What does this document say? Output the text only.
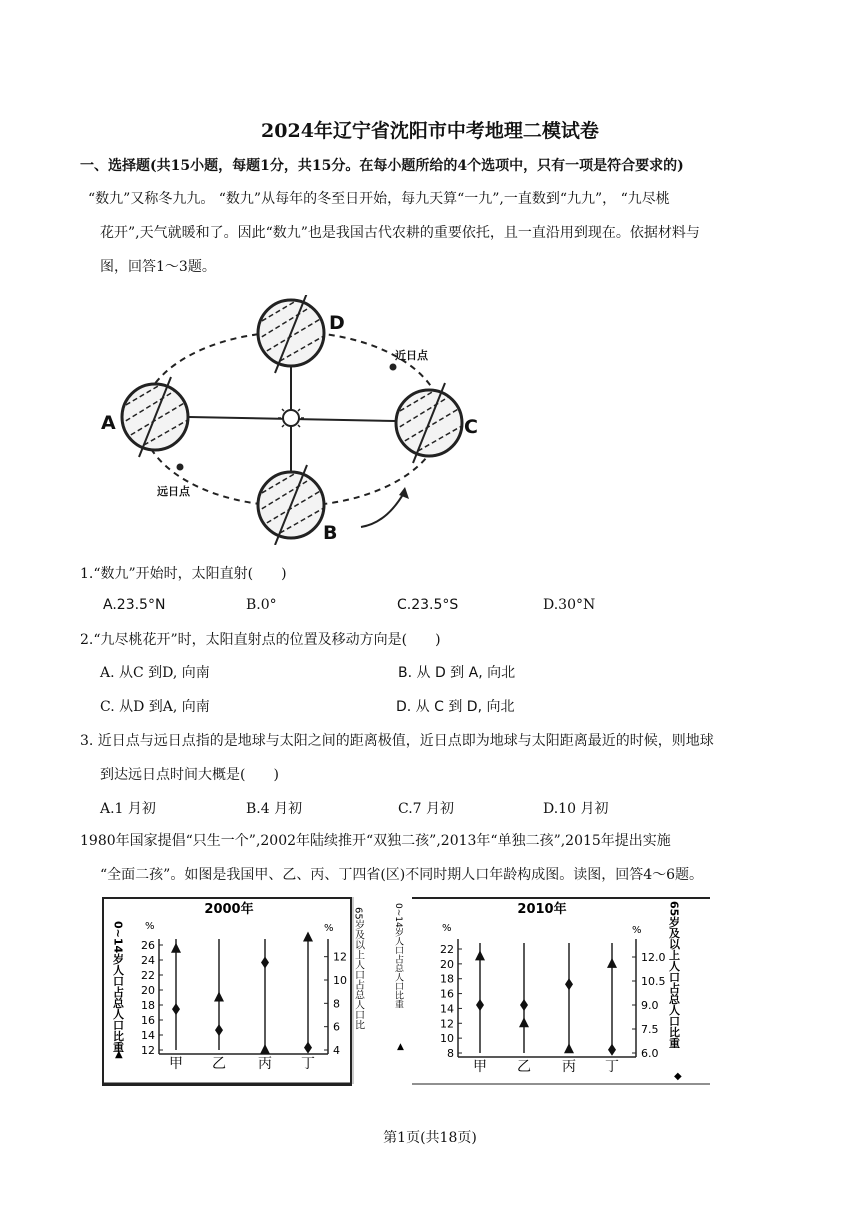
2024年辽宁省沈阳市中考地理二模试卷
一、选择题(共15小题，每题1分，共15分。在每小题所给的4个选项中，只有一项是符合要求的)
“数九”又称冬九九。 “数九”从每年的冬至日开始，每九天算“一九”,一直数到“九九”， “九尽桃
花开”,天气就暖和了。因此“数九”也是我国古代农耕的重要依托，且一直沿用到现在。依据材料与
图，回答1～3题。
D
A	C
B
近日点
远日点
1.“数九”开始时，太阳直射(　　)
A.23.5°N	B.0°	C.23.5°S	D.30°N
2.“九尽桃花开”时，太阳直射点的位置及移动方向是(　　)
A. 从C 到D, 向南	B. 从 D 到 A, 向北
C. 从D 到A, 向南	D. 从 C 到 D, 向北
3. 近日点与远日点指的是地球与太阳之间的距离极值，近日点即为地球与太阳距离最近的时候，则地球
到达远日点时间大概是(　　)
A.1 月初	B.4 月初	C.7 月初	D.10 月初
1980年国家提倡“只生一个”,2002年陆续推开“双独二孩”,2013年“单独二孩”,2015年提出实施
“全面二孩”。如图是我国甲、乙、丙、丁四省(区)不同时期人口年龄构成图。读图，回答4～6题。
2000年
0~14岁人口占总人口比重
▲
%	%
12
14
16
18
20
22
24
26
4
6
8
10
12
甲 乙 丙 丁
65岁及以上人口占总人口比	0~14岁人口占总人口比重
▲
2010年
%	% 65岁及以上人口占总人口比重
◆
8
10
12
14
16
18
20
22
6.0
7.5
9.0
10.5
12.0
甲 乙 丙 丁
第1页(共18页)
